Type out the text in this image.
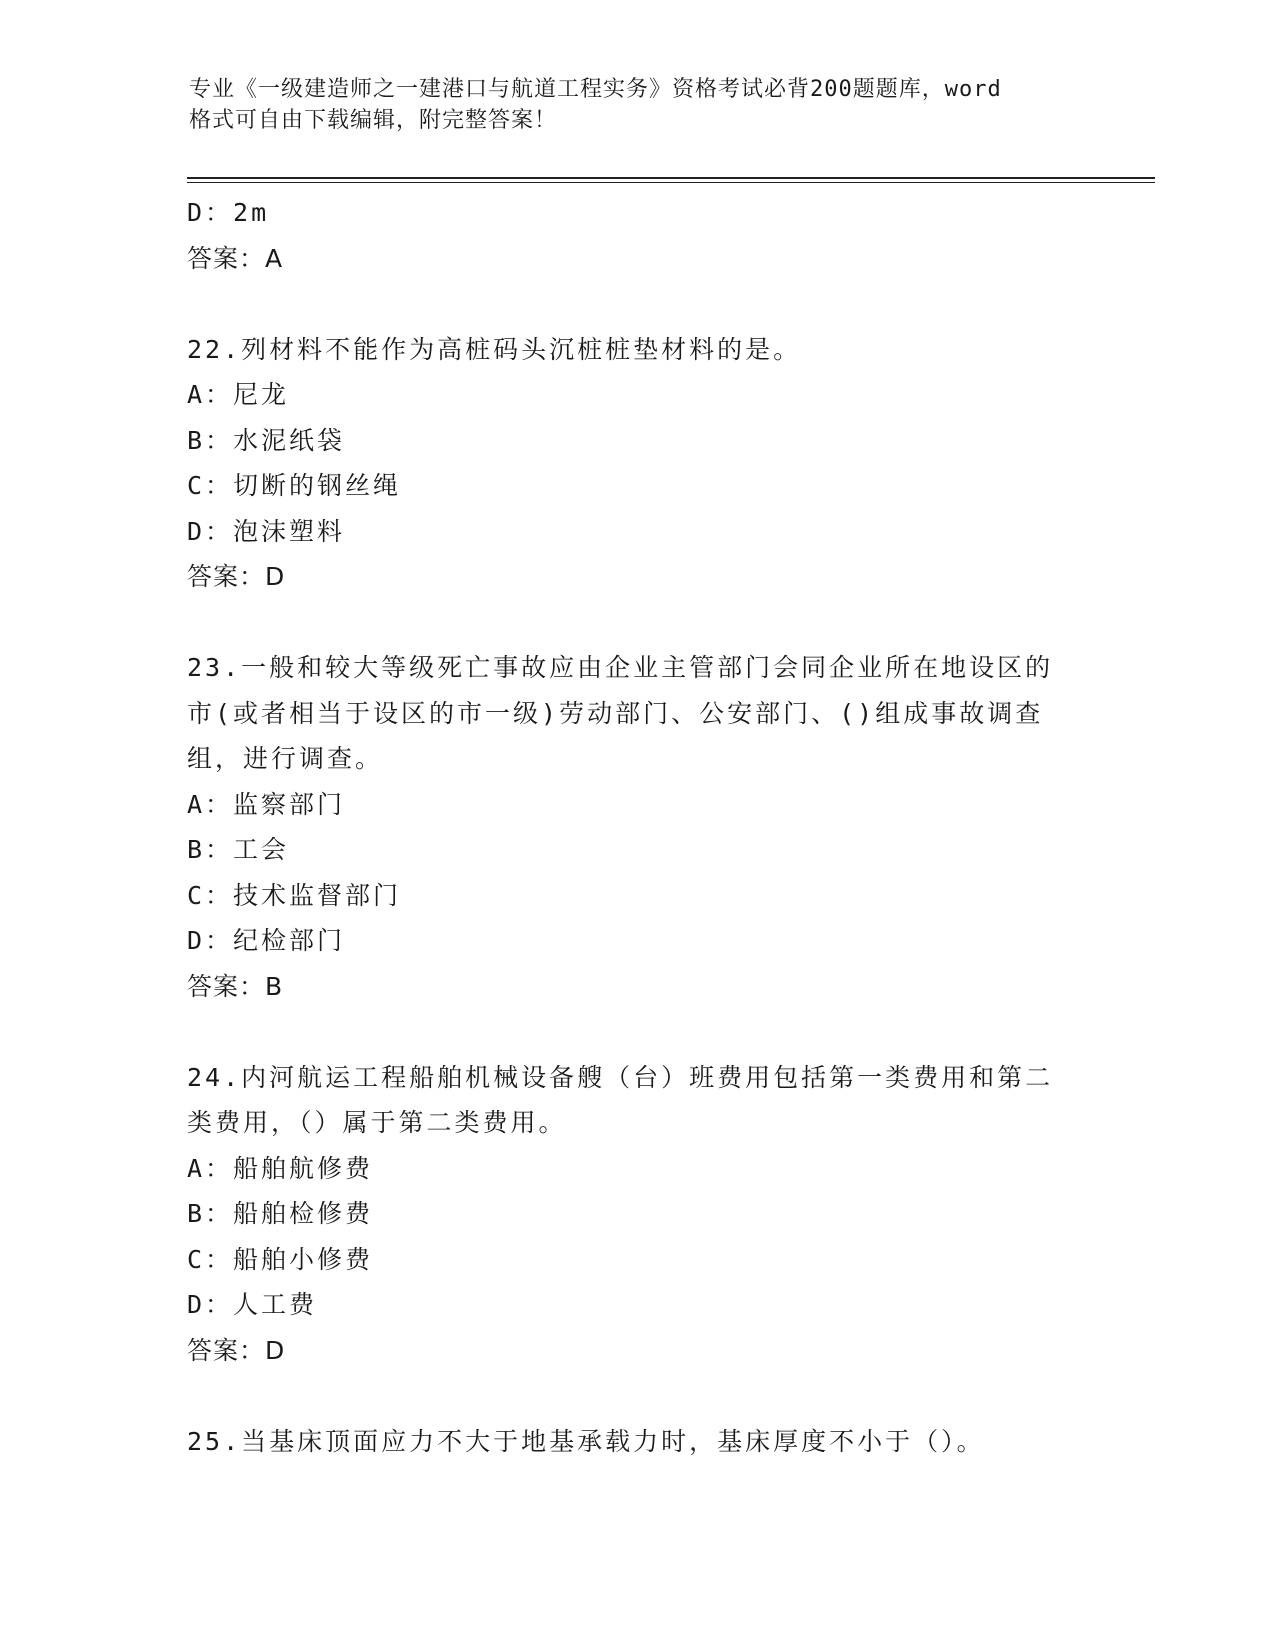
专业《一级建造师之一建港口与航道工程实务》资格考试必背200题题库，word
格式可自由下载编辑，附完整答案！
D：2m
答案：A
22.列材料不能作为高桩码头沉桩桩垫材料的是。
A：尼龙
B：水泥纸袋
C：切断的钢丝绳
D：泡沫塑料
答案：D
23.一般和较大等级死亡事故应由企业主管部门会同企业所在地设区的
市(或者相当于设区的市一级)劳动部门、公安部门、()组成事故调查
组，进行调查。
A：监察部门
B：工会
C：技术监督部门
D：纪检部门
答案：B
24.内河航运工程船舶机械设备艘（台）班费用包括第一类费用和第二
类费用，（）属于第二类费用。
A：船舶航修费
B：船舶检修费
C：船舶小修费
D：人工费
答案：D
25.当基床顶面应力不大于地基承载力时，基床厚度不小于（）。
